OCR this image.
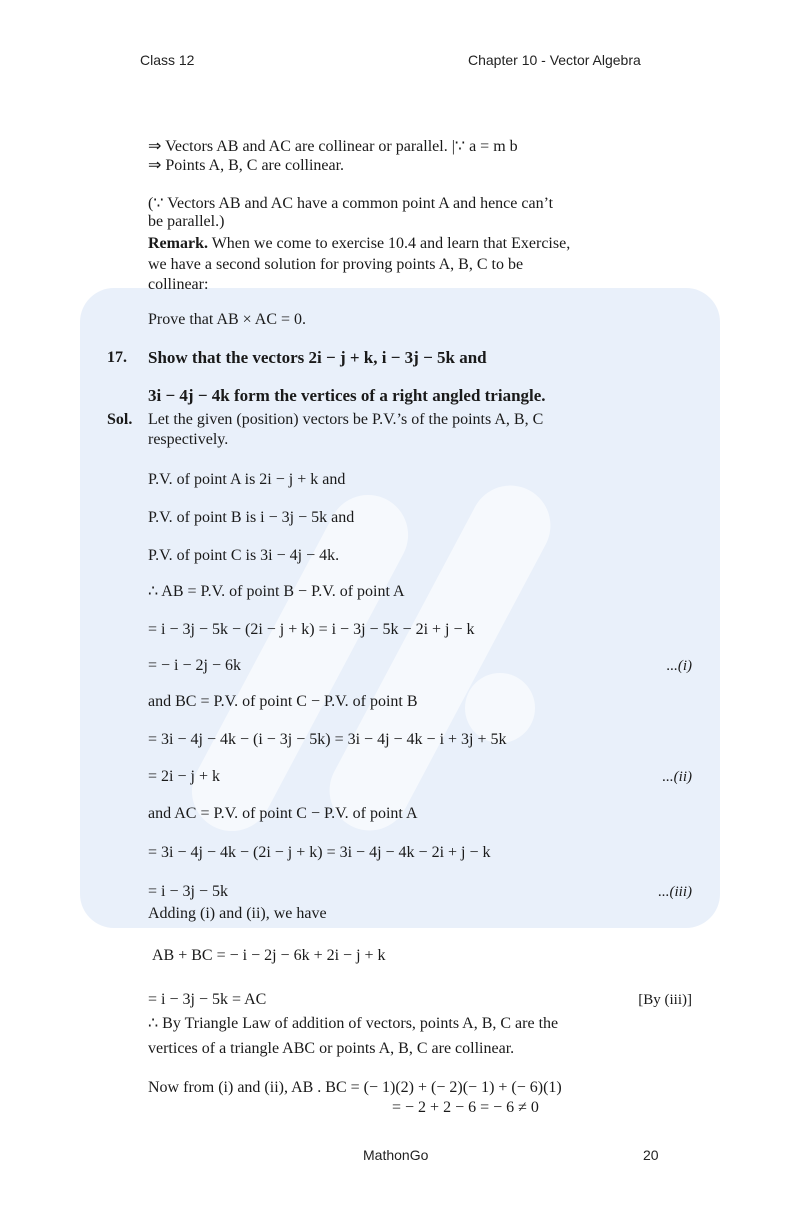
Class 12	Chapter 10 - Vector Algebra
⇒ Vectors AB and AC are collinear or parallel. |∵ a = m b
⇒ Points A, B, C are collinear.
(∵ Vectors AB and AC have a common point A and hence can’t
be parallel.)
Remark. When we come to exercise 10.4 and learn that Exercise,
we have a second solution for proving points A, B, C to be
collinear:
Prove that AB × AC = 0.
17. Show that the vectors 2i − j + k, i − 3j − 5k and
3i − 4j − 4k form the vertices of a right angled triangle.
Sol. Let the given (position) vectors be P.V.’s of the points A, B, C
respectively.
P.V. of point A is 2i − j + k and
P.V. of point B is i − 3j − 5k and
P.V. of point C is 3i − 4j − 4k.
∴ AB = P.V. of point B − P.V. of point A
= i − 3j − 5k − (2i − j + k) = i − 3j − 5k − 2i + j − k
= − i − 2j − 6k	...(i)
and BC = P.V. of point C − P.V. of point B
= 3i − 4j − 4k − (i − 3j − 5k) = 3i − 4j − 4k − i + 3j + 5k
= 2i − j + k	...(ii)
and AC = P.V. of point C − P.V. of point A
= 3i − 4j − 4k − (2i − j + k) = 3i − 4j − 4k − 2i + j − k
= i − 3j − 5k	...(iii)
Adding (i) and (ii), we have
AB + BC = − i − 2j − 6k + 2i − j + k
= i − 3j − 5k = AC	[By (iii)]
∴ By Triangle Law of addition of vectors, points A, B, C are the
vertices of a triangle ABC or points A, B, C are collinear.
Now from (i) and (ii), AB . BC = (− 1)(2) + (− 2)(− 1) + (− 6)(1)
= − 2 + 2 − 6 = − 6 ≠ 0
MathonGo	20
